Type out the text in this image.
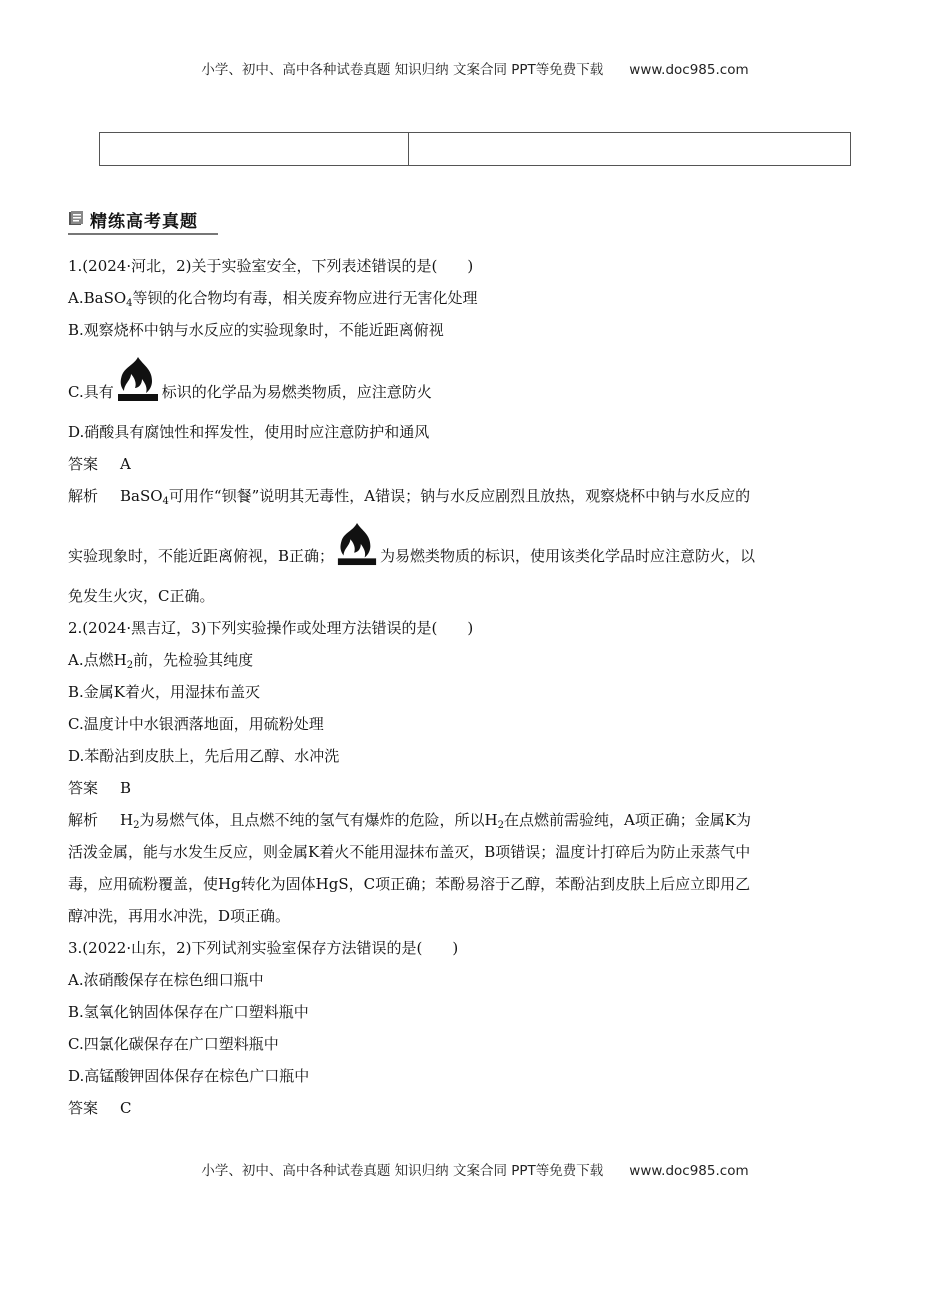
小学、初中、高中各种试卷真题 知识归纳 文案合同 PPT等免费下载 www.doc985.com
精练高考真题
1.(2024·河北，2)关于实验室安全，下列表述错误的是(　　)
A.BaSO$_4$等钡的化合物均有毒，相关废弃物应进行无害化处理
B.观察烧杯中钠与水反应的实验现象时，不能近距离俯视
C.具有	标识的化学品为易燃类物质，应注意防火
D.硝酸具有腐蚀性和挥发性，使用时应注意防护和通风
答案 A
解析 BaSO$_4$可用作“钡餐”说明其无毒性，A错误；钠与水反应剧烈且放热，观察烧杯中钠与水反应的
实验现象时，不能近距离俯视，B正确；	为易燃类物质的标识，使用该类化学品时应注意防火，以
免发生火灾，C正确。
2.(2024·黑吉辽，3)下列实验操作或处理方法错误的是(　　)
A.点燃$H_2$前，先检验其纯度
B.金属K着火，用湿抹布盖灭
C.温度计中水银洒落地面，用硫粉处理
D.苯酚沾到皮肤上，先后用乙醇、水冲洗
答案 B
解析 $H_2$为易燃气体，且点燃不纯的氢气有爆炸的危险，所以$H_2$在点燃前需验纯，A项正确；金属K为
活泼金属，能与水发生反应，则金属K着火不能用湿抹布盖灭，B项错误；温度计打碎后为防止汞蒸气中
毒，应用硫粉覆盖，使Hg转化为固体HgS，C项正确；苯酚易溶于乙醇，苯酚沾到皮肤上后应立即用乙
醇冲洗，再用水冲洗，D项正确。
3.(2022·山东，2)下列试剂实验室保存方法错误的是(　　)
A.浓硝酸保存在棕色细口瓶中
B.氢氧化钠固体保存在广口塑料瓶中
C.四氯化碳保存在广口塑料瓶中
D.高锰酸钾固体保存在棕色广口瓶中
答案 C
小学、初中、高中各种试卷真题 知识归纳 文案合同 PPT等免费下载 www.doc985.com
